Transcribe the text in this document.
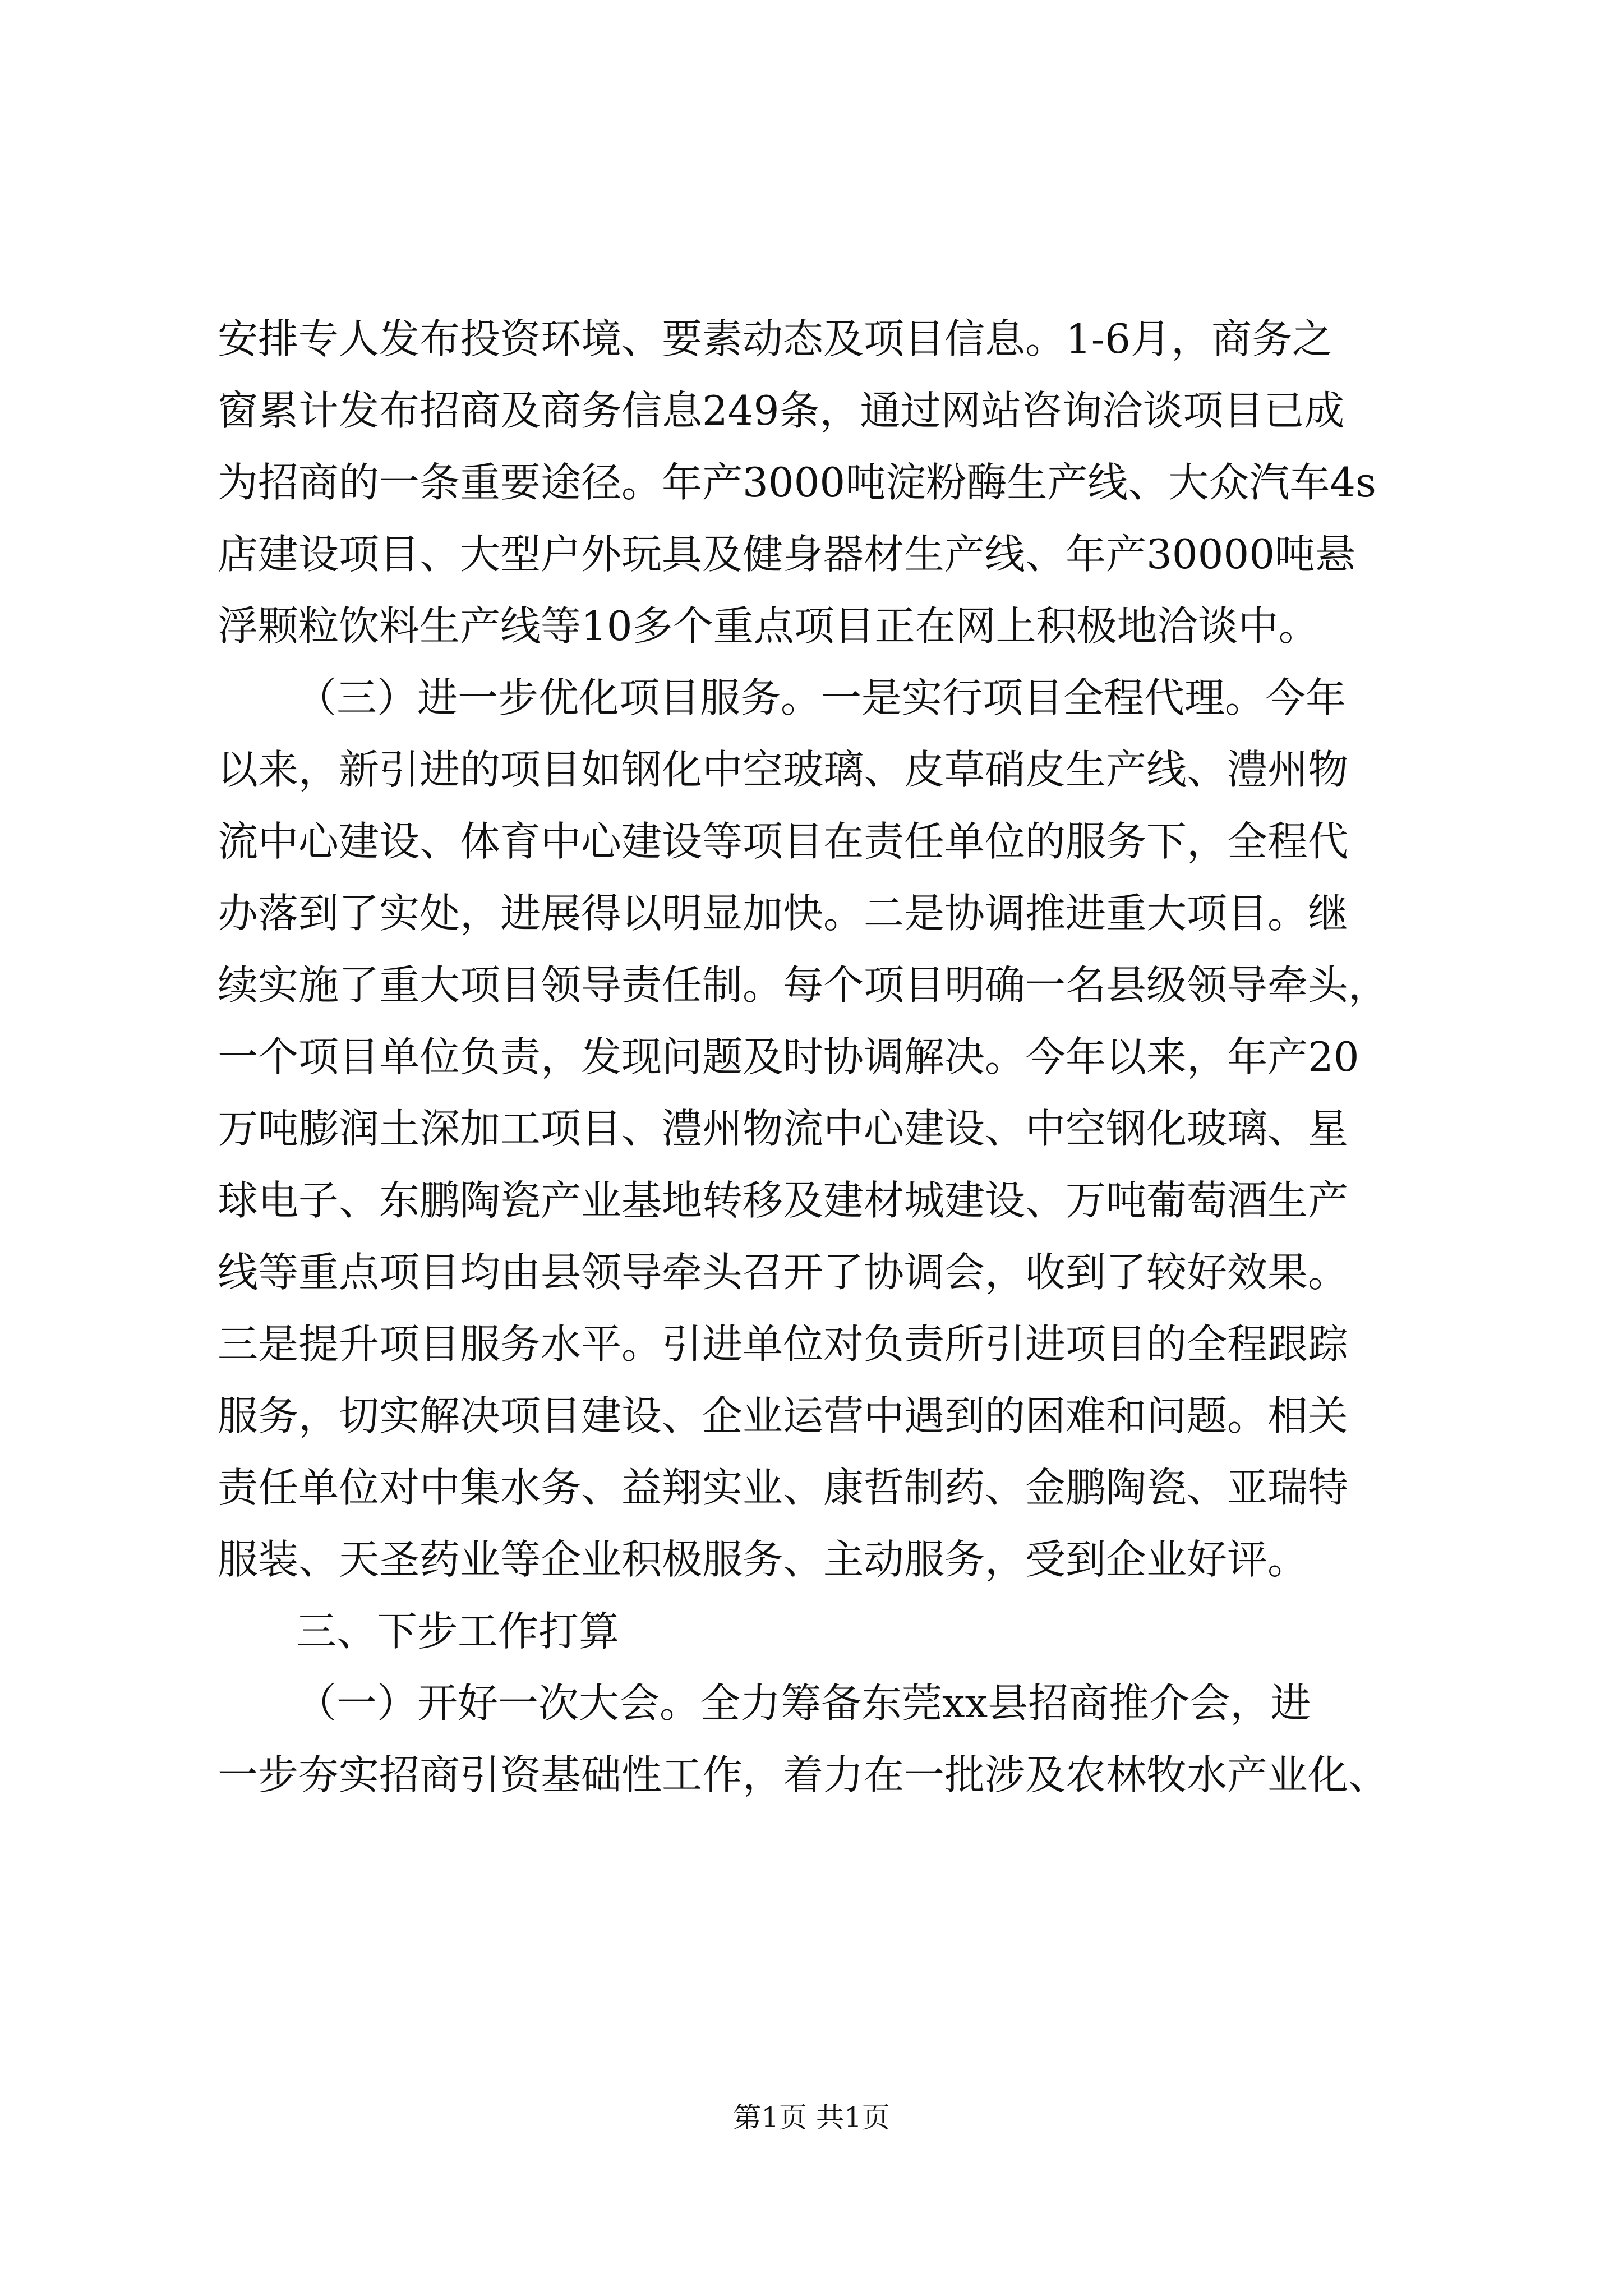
安排专人发布投资环境、要素动态及项目信息。1-6月，商务之
窗累计发布招商及商务信息249条，通过网站咨询洽谈项目已成
为招商的一条重要途径。年产3000吨淀粉酶生产线、大众汽车4s
店建设项目、大型户外玩具及健身器材生产线、年产30000吨悬
浮颗粒饮料生产线等10多个重点项目正在网上积极地洽谈中。
（三）进一步优化项目服务。一是实行项目全程代理。今年
以来，新引进的项目如钢化中空玻璃、皮草硝皮生产线、澧州物
流中心建设、体育中心建设等项目在责任单位的服务下，全程代
办落到了实处，进展得以明显加快。二是协调推进重大项目。继
续实施了重大项目领导责任制。每个项目明确一名县级领导牵头，
一个项目单位负责，发现问题及时协调解决。今年以来，年产20
万吨膨润土深加工项目、澧州物流中心建设、中空钢化玻璃、星
球电子、东鹏陶瓷产业基地转移及建材城建设、万吨葡萄酒生产
线等重点项目均由县领导牵头召开了协调会，收到了较好效果。
三是提升项目服务水平。引进单位对负责所引进项目的全程跟踪
服务，切实解决项目建设、企业运营中遇到的困难和问题。相关
责任单位对中集水务、益翔实业、康哲制药、金鹏陶瓷、亚瑞特
服装、天圣药业等企业积极服务、主动服务，受到企业好评。
三、下步工作打算
（一）开好一次大会。全力筹备东莞xx县招商推介会，进
一步夯实招商引资基础性工作，着力在一批涉及农林牧水产业化、
第1页 共1页
